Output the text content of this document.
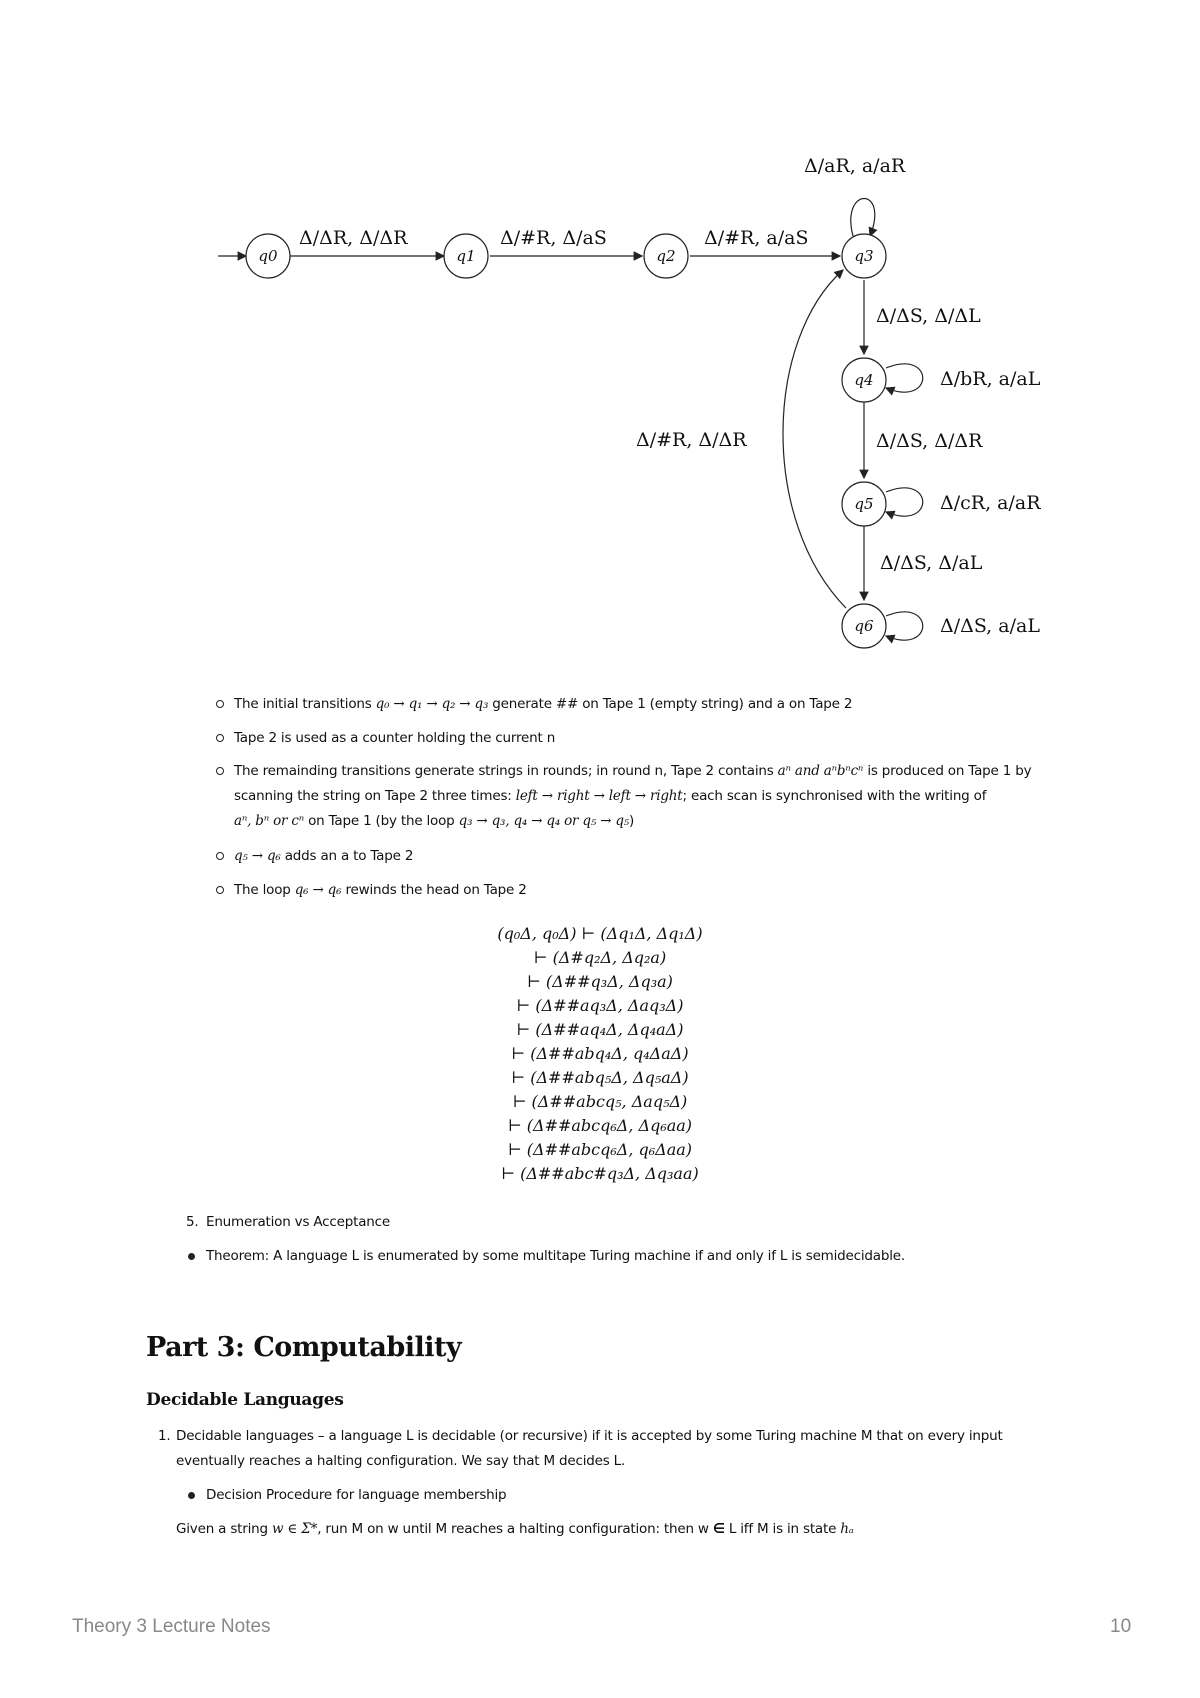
q0	q1	q2	q3
q4
q5
q6
Δ/ΔR, Δ/ΔR	Δ/#R, Δ/aS	Δ/#R, a/aS
Δ/aR, a/aR
Δ/ΔS, Δ/ΔL
Δ/bR, a/aL
Δ/ΔS, Δ/ΔR
Δ/cR, a/aR
Δ/ΔS, Δ/aL
Δ/ΔS, a/aL
Δ/#R, Δ/ΔR
The initial transitions q₀ → q₁ → q₂ → q₃ generate ## on Tape 1 (empty string) and a on Tape 2
Tape 2 is used as a counter holding the current n
The remainding transitions generate strings in rounds; in round n, Tape 2 contains aⁿ and aⁿbⁿcⁿ is produced on Tape 1 by
scanning the string on Tape 2 three times: left → right → left → right; each scan is synchronised with the writing of
aⁿ, bⁿ or cⁿ on Tape 1 (by the loop q₃ → q₃, q₄ → q₄ or q₅ → q₅)
q₅ → q₆ adds an a to Tape 2
The loop q₆ → q₆ rewinds the head on Tape 2
(q₀Δ, q₀Δ) ⊢ (Δq₁Δ, Δq₁Δ)
⊢ (Δ#q₂Δ, Δq₂a)
⊢ (Δ##q₃Δ, Δq₃a)
⊢ (Δ##aq₃Δ, Δaq₃Δ)
⊢ (Δ##aq₄Δ, Δq₄aΔ)
⊢ (Δ##abq₄Δ, q₄ΔaΔ)
⊢ (Δ##abq₅Δ, Δq₅aΔ)
⊢ (Δ##abcq₅, Δaq₅Δ)
⊢ (Δ##abcq₆Δ, Δq₆aa)
⊢ (Δ##abcq₆Δ, q₆Δaa)
⊢ (Δ##abc#q₃Δ, Δq₃aa)
5. Enumeration vs Acceptance
Theorem: A language L is enumerated by some multitape Turing machine if and only if L is semidecidable.
Part 3: Computability
Decidable Languages
1. Decidable languages – a language L is decidable (or recursive) if it is accepted by some Turing machine M that on every input
eventually reaches a halting configuration. We say that M decides L.
Decision Procedure for language membership
Given a string w ∈ Σ*, run M on w until M reaches a halting configuration: then w ∈ L iff M is in state hₐ
Theory 3 Lecture Notes	10
